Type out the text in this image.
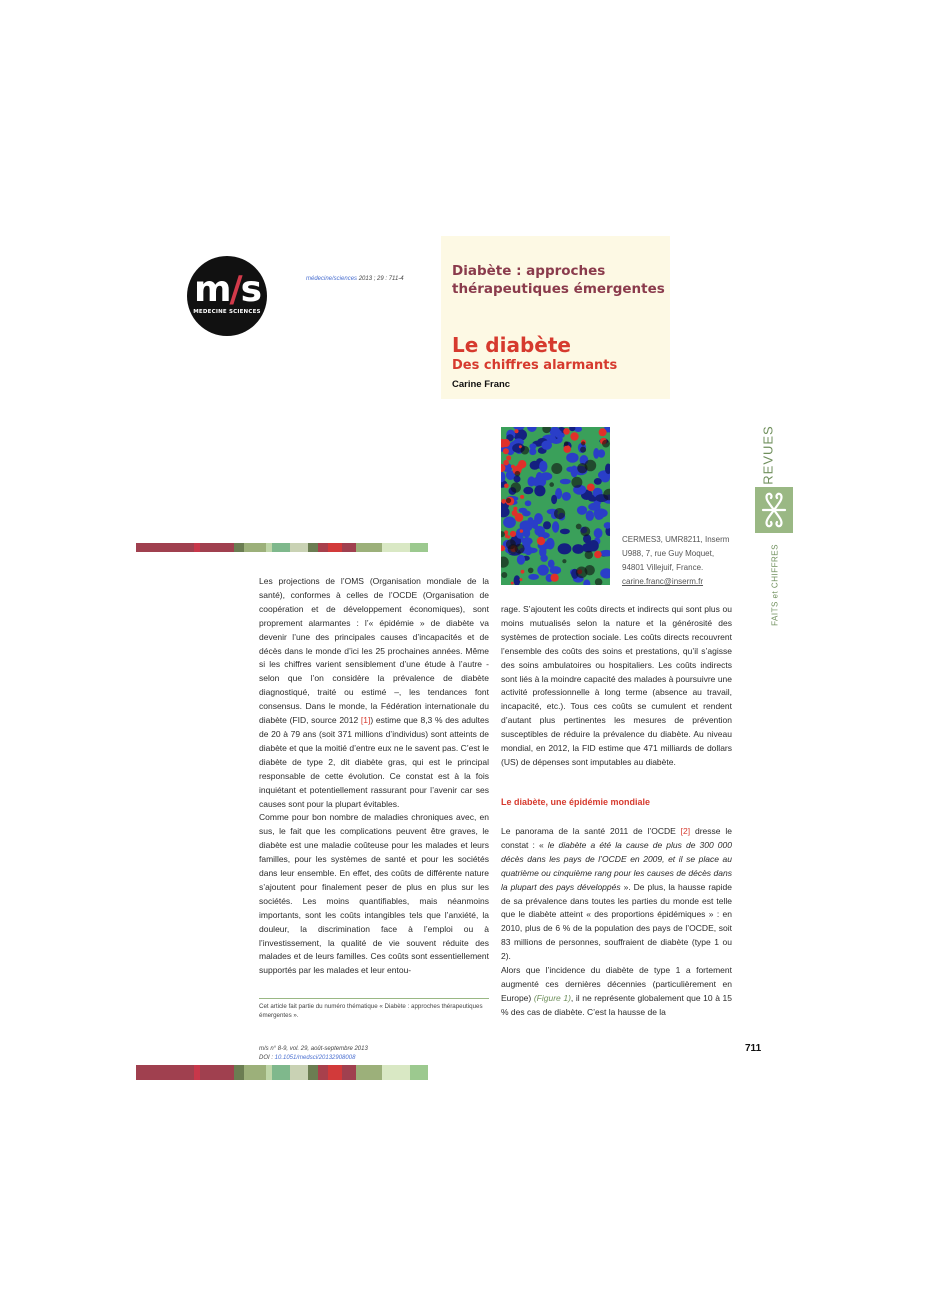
m/s
MEDECINE SCIENCES
médecine/sciences 2013 ; 29 : 711-4	Diabète : approches thérapeutiques émergentes
Le diabète
Des chiffres alarmants
Carine Franc
CERMES3, UMR8211, Inserm
U988, 7, rue Guy Moquet,
94801 Villejuif, France.
carine.franc@inserm.fr
REVUES
FAITS et CHIFFRES

Les projections de l’OMS (Organisation mondiale de la santé), conformes à celles de l’OCDE (Organisation de coopération et de développement économiques), sont proprement alarmantes : l’« épidémie » de diabète va devenir l’une des principales causes d’incapacités et de décès dans le monde d’ici les 25 prochaines années. Même si les chiffres varient sensiblement d’une étude à l’autre - selon que l’on considère la prévalence de diabète diagnostiqué, traité ou estimé –, les tendances font consensus. Dans le monde, la Fédération internationale du diabète (FID, source 2012 [1]) estime que 8,3 % des adultes de 20 à 79 ans (soit 371 millions d’individus) sont atteints de diabète et que la moitié d’entre eux ne le savent pas. C’est le diabète de type 2, dit diabète gras, qui est le principal responsable de cette évolution. Ce constat est à la fois inquiétant et potentiellement rassurant pour l’avenir car ses causes sont pour la plupart évitables.

Comme pour bon nombre de maladies chroniques avec, en sus, le fait que les complications peuvent être graves, le diabète est une maladie coûteuse pour les malades et leurs familles, pour les systèmes de santé et pour les sociétés dans leur ensemble. En effet, des coûts de différente nature s’ajoutent pour finalement peser de plus en plus sur les sociétés. Les moins quantifiables, mais néanmoins importants, sont les coûts intangibles tels que l’anxiété, la douleur, la discrimination face à l’emploi ou à l’investissement, la qualité de vie souvent réduite des malades et de leurs familles. Ces coûts sont essentiellement supportés par les malades et leur entou-

Cet article fait partie du numéro thématique « Diabète : approches thérapeutiques émergentes ».

rage. S’ajoutent les coûts directs et indirects qui sont plus ou moins mutualisés selon la nature et la générosité des systèmes de protection sociale. Les coûts directs recouvrent l’ensemble des coûts des soins et prestations, qu’il s’agisse des soins ambulatoires ou hospitaliers. Les coûts indirects sont liés à la moindre capacité des malades à poursuivre une activité professionnelle à long terme (absence au travail, incapacité, etc.). Tous ces coûts se cumulent et rendent d’autant plus pertinentes les mesures de prévention susceptibles de réduire la prévalence du diabète. Au niveau mondial, en 2012, la FID estime que 471 milliards de dollars (US) de dépenses sont imputables au diabète.

Le diabète, une épidémie mondiale

Le panorama de la santé 2011 de l’OCDE [2] dresse le constat : « le diabète a été la cause de plus de 300 000 décès dans les pays de l’OCDE en 2009, et il se place au quatrième ou cinquième rang pour les causes de décès dans la plupart des pays développés ». De plus, la hausse rapide de sa prévalence dans toutes les parties du monde est telle que le diabète atteint « des proportions épidémiques » : en 2010, plus de 6 % de la population des pays de l’OCDE, soit 83 millions de personnes, souffraient de diabète (type 1 ou 2).

Alors que l’incidence du diabète de type 1 a fortement augmenté ces dernières décennies (particulièrement en Europe) (Figure 1), il ne représente globalement que 10 à 15 % des cas de diabète. C’est la hausse de la

m/s n° 8-9, vol. 29, août-septembre 2013
DOI : 10.1051/medsci/20132908008
711
